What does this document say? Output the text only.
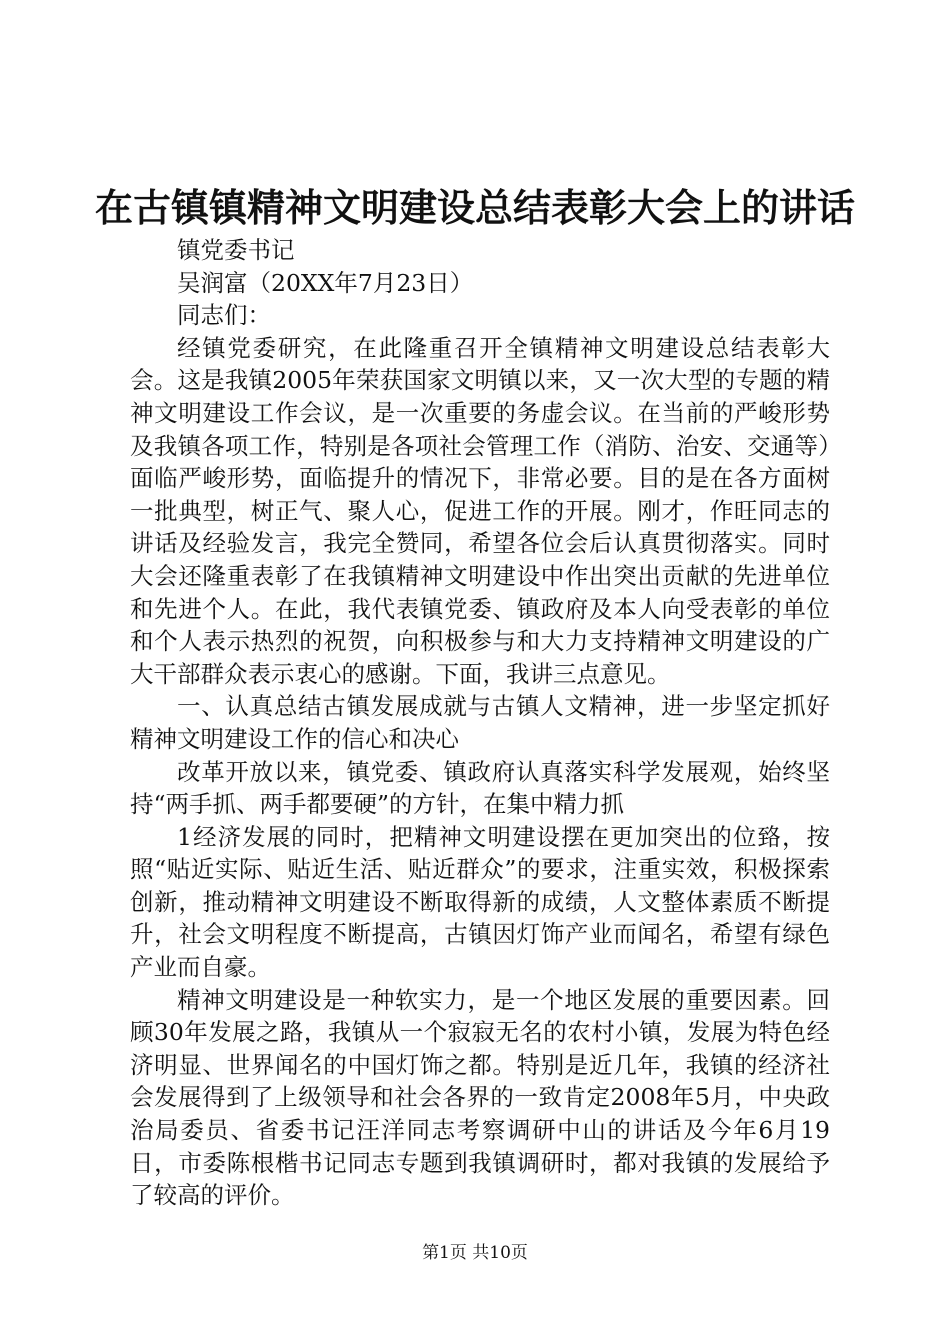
在古镇镇精神文明建设总结表彰大会上的讲话

镇党委书记

吴润富（20XX年7月23日）

同志们：

经镇党委研究，在此隆重召开全镇精神文明建设总结表彰大会。这是我镇2005年荣获国家文明镇以来，又一次大型的专题的精神文明建设工作会议，是一次重要的务虚会议。在当前的严峻形势及我镇各项工作，特别是各项社会管理工作（消防、治安、交通等）面临严峻形势，面临提升的情况下，非常必要。目的是在各方面树一批典型，树正气、聚人心，促进工作的开展。刚才，作旺同志的讲话及经验发言，我完全赞同，希望各位会后认真贯彻落实。同时大会还隆重表彰了在我镇精神文明建设中作出突出贡献的先进单位和先进个人。在此，我代表镇党委、镇政府及本人向受表彰的单位和个人表示热烈的祝贺，向积极参与和大力支持精神文明建设的广大干部群众表示衷心的感谢。下面，我讲三点意见。

一、认真总结古镇发展成就与古镇人文精神，进一步坚定抓好精神文明建设工作的信心和决心

改革开放以来，镇党委、镇政府认真落实科学发展观，始终坚持“两手抓、两手都要硬”的方针，在集中精力抓

1经济发展的同时，把精神文明建设摆在更加突出的位臵，按照“贴近实际、贴近生活、贴近群众”的要求，注重实效，积极探索创新，推动精神文明建设不断取得新的成绩，人文整体素质不断提升，社会文明程度不断提高，古镇因灯饰产业而闻名，希望有绿色产业而自豪。

精神文明建设是一种软实力，是一个地区发展的重要因素。回顾30年发展之路，我镇从一个寂寂无名的农村小镇，发展为特色经济明显、世界闻名的中国灯饰之都。特别是近几年，我镇的经济社会发展得到了上级领导和社会各界的一致肯定2008年5月，中央政治局委员、省委书记汪洋同志考察调研中山的讲话及今年6月19日，市委陈根楷书记同志专题到我镇调研时，都对我镇的发展给予了较高的评价。

第1页 共10页
